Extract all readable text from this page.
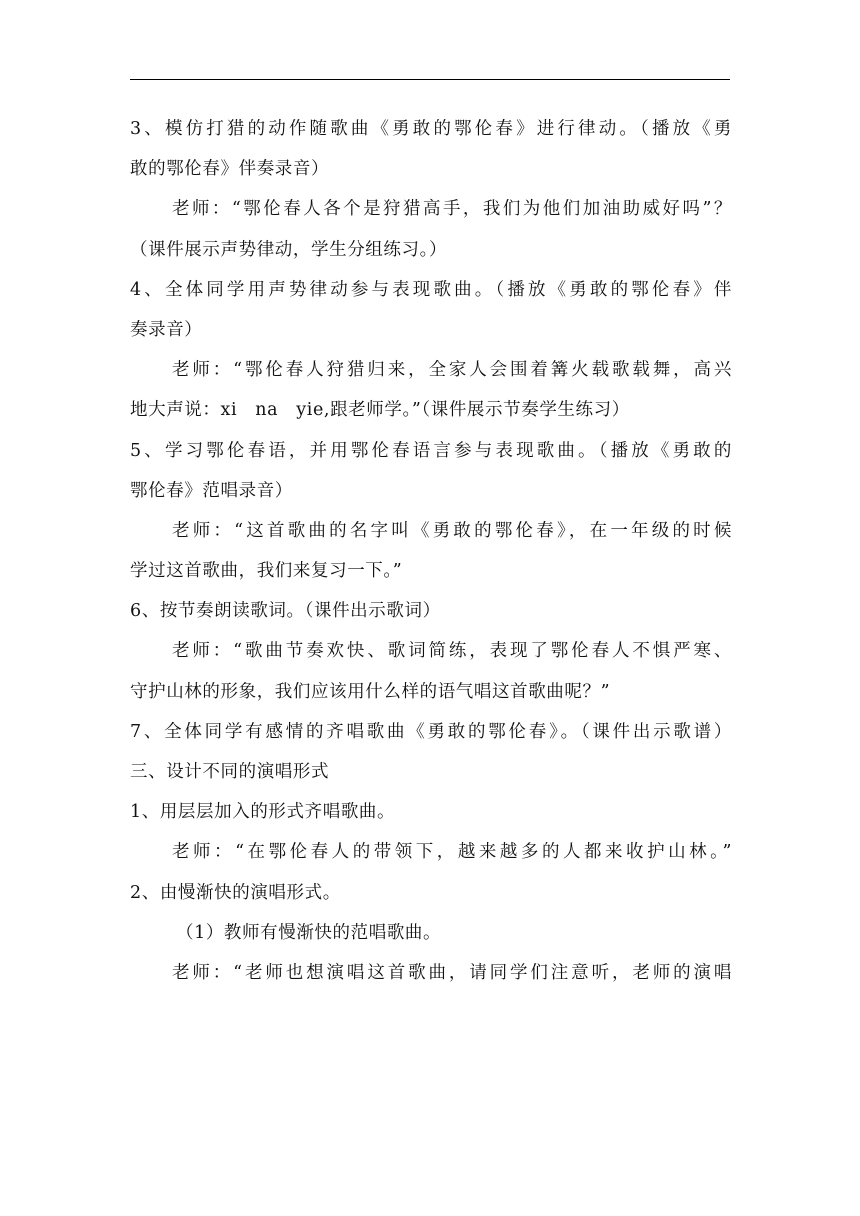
3、模仿打猎的动作随歌曲《勇敢的鄂伦春》进行律动。（播放《勇
敢的鄂伦春》伴奏录音）
老师：“鄂伦春人各个是狩猎高手，我们为他们加油助威好吗”？
（课件展示声势律动，学生分组练习。）
4、全体同学用声势律动参与表现歌曲。（播放《勇敢的鄂伦春》伴
奏录音）
老师：“鄂伦春人狩猎归来，全家人会围着篝火载歌载舞，高兴
地大声说：xi　na　yie,跟老师学。”（课件展示节奏学生练习）
5、学习鄂伦春语，并用鄂伦春语言参与表现歌曲。（播放《勇敢的
鄂伦春》范唱录音）
老师：“这首歌曲的名字叫《勇敢的鄂伦春》，在一年级的时候
学过这首歌曲，我们来复习一下。”
6、按节奏朗读歌词。（课件出示歌词）
老师：“歌曲节奏欢快、歌词简练，表现了鄂伦春人不惧严寒、
守护山林的形象，我们应该用什么样的语气唱这首歌曲呢？”
7、全体同学有感情的齐唱歌曲《勇敢的鄂伦春》。（课件出示歌谱）
三、设计不同的演唱形式
1、用层层加入的形式齐唱歌曲。
老师：“在鄂伦春人的带领下，越来越多的人都来收护山林。”
2、由慢渐快的演唱形式。
（1）教师有慢渐快的范唱歌曲。
老师：“老师也想演唱这首歌曲，请同学们注意听，老师的演唱
